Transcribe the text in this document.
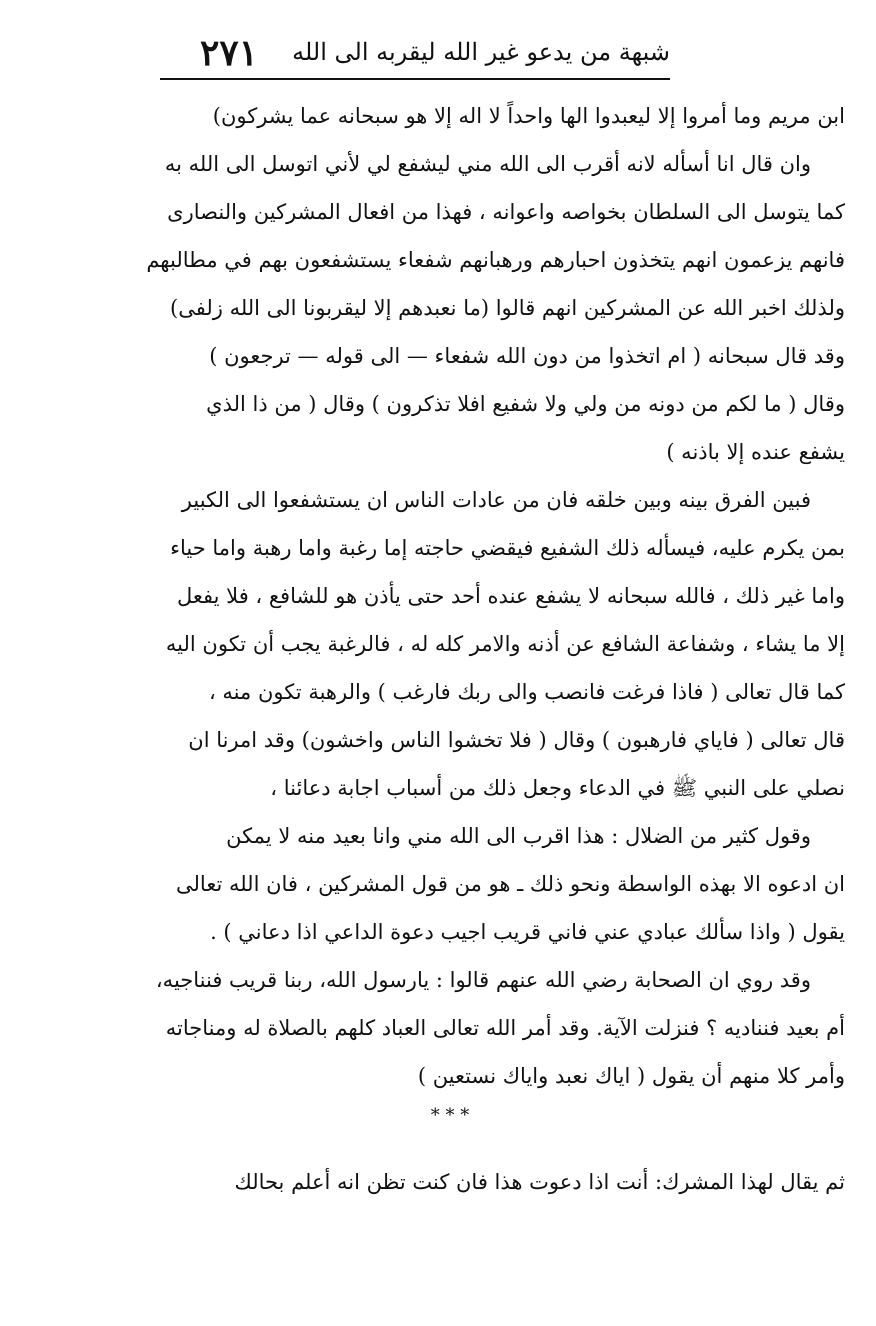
شبهة من يدعو غير الله ليقربه الى الله
٢٧١
ابن مريم وما أمروا إلا ليعبدوا الها واحداً لا اله إلا هو سبحانه عما يشركون)
وان قال انا أسأله لانه أقرب الى الله مني ليشفع لي لأني اتوسل الى الله به
كما يتوسل الى السلطان بخواصه واعوانه ، فهذا من افعال المشركين والنصارى
فانهم يزعمون انهم يتخذون احبارهم ورهبانهم شفعاء يستشفعون بهم في مطالبهم
ولذلك اخبر الله عن المشركين انهم قالوا (ما نعبدهم إلا ليقربونا الى الله زلفى)
وقد قال سبحانه ( ام اتخذوا من دون الله شفعاء — الى قوله — ترجعون )
وقال ( ما لكم من دونه من ولي ولا شفيع افلا تذكرون ) وقال ( من ذا الذي
يشفع عنده إلا باذنه )
فبين الفرق بينه وبين خلقه فان من عادات الناس ان يستشفعوا الى الكبير
بمن يكرم عليه، فيسأله ذلك الشفيع فيقضي حاجته إما رغبة واما رهبة واما حياء
واما غير ذلك ، فالله سبحانه لا يشفع عنده أحد حتى يأذن هو للشافع ، فلا يفعل
إلا ما يشاء ، وشفاعة الشافع عن أذنه والامر كله له ، فالرغبة يجب أن تكون اليه
كما قال تعالى ( فاذا فرغت فانصب والى ربك فارغب ) والرهبة تكون منه ،
قال تعالى ( فاياي فارهبون ) وقال ( فلا تخشوا الناس واخشون) وقد امرنا ان
نصلي على النبي ﷺ في الدعاء وجعل ذلك من أسباب اجابة دعائنا ،
وقول كثير من الضلال : هذا اقرب الى الله مني وانا بعيد منه لا يمكن
ان ادعوه الا بهذه الواسطة ونحو ذلك ـ هو من قول المشركين ، فان الله تعالى
يقول ( واذا سألك عبادي عني فاني قريب اجيب دعوة الداعي اذا دعاني ) .
وقد روي ان الصحابة رضي الله عنهم قالوا : يارسول الله، ربنا قريب فنناجيه،
أم بعيد فنناديه ؟ فنزلت الآية. وقد أمر الله تعالى العباد كلهم بالصلاة له ومناجاته
وأمر كلا منهم أن يقول ( اياك نعبد واياك نستعين )
* * *
ثم يقال لهذا المشرك: أنت اذا دعوت هذا فان كنت تظن انه أعلم بحالك
